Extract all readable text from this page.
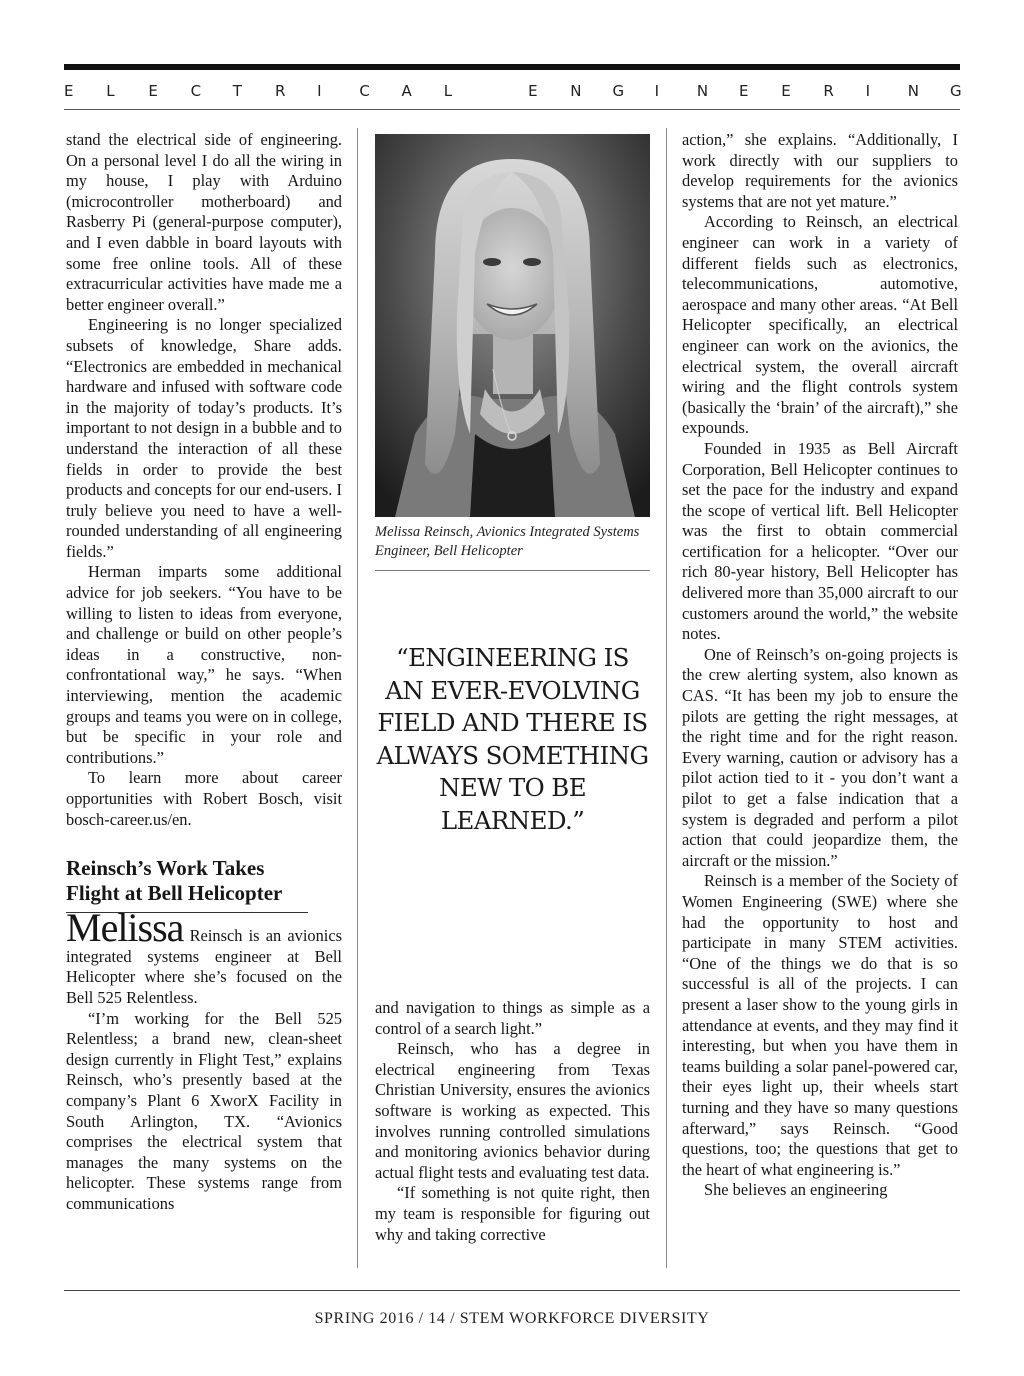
E L E C T R I	C A L	E N G I	N E E R I	N G

stand the electrical side of engineering. On a personal level I do all the wiring in my house, I play with Arduino (microcontroller motherboard) and Rasberry Pi (general-purpose computer), and I even dabble in board layouts with some free online tools. All of these extracurricular activities have made me a better engineer overall.”

Engineering is no longer specialized subsets of knowledge, Share adds. “Electronics are embedded in mechanical hardware and infused with software code in the majority of today’s products. It’s important to not design in a bubble and to understand the interaction of all these fields in order to provide the best products and concepts for our end-users. I truly believe you need to have a well-rounded understanding of all engineering fields.”

Herman imparts some additional advice for job seekers. “You have to be willing to listen to ideas from everyone, and challenge or build on other people’s ideas in a constructive, non-confrontational way,” he says. “When interviewing, mention the academic groups and teams you were on in college, but be specific in your role and contributions.”

To learn more about career opportunities with Robert Bosch, visit bosch-career.us/en.

Reinsch’s Work Takes Flight at Bell Helicopter

Melissa Reinsch is an avionics integrated systems engineer at Bell Helicopter where she’s focused on the Bell 525 Relentless.

“I’m working for the Bell 525 Relentless; a brand new, clean-sheet design currently in Flight Test,” explains Reinsch, who’s presently based at the company’s Plant 6 XworX Facility in South Arlington, TX. “Avionics comprises the electrical system that manages the many systems on the helicopter. These systems range from communications

Melissa Reinsch, Avionics Integrated Systems Engineer, Bell Helicopter
“ENGINEERING IS AN EVER-EVOLVING FIELD AND THERE IS ALWAYS SOMETHING NEW TO BE LEARNED.”

and navigation to things as simple as a control of a search light.”

Reinsch, who has a degree in electrical engineering from Texas Christian University, ensures the avionics software is working as expected. This involves running controlled simulations and monitoring avionics behavior during actual flight tests and evaluating test data.

“If something is not quite right, then my team is responsible for figuring out why and taking corrective

action,” she explains. “Additionally, I work directly with our suppliers to develop requirements for the avionics systems that are not yet mature.”

According to Reinsch, an electrical engineer can work in a variety of different fields such as electronics, telecommunications, automotive, aerospace and many other areas. “At Bell Helicopter specifically, an electrical engineer can work on the avionics, the electrical system, the overall aircraft wiring and the flight controls system (basically the ‘brain’ of the aircraft),” she expounds.

Founded in 1935 as Bell Aircraft Corporation, Bell Helicopter continues to set the pace for the industry and expand the scope of vertical lift. Bell Helicopter was the first to obtain commercial certification for a helicopter. “Over our rich 80-year history, Bell Helicopter has delivered more than 35,000 aircraft to our customers around the world,” the website notes.

One of Reinsch’s on-going projects is the crew alerting system, also known as CAS. “It has been my job to ensure the pilots are getting the right messages, at the right time and for the right reason. Every warning, caution or advisory has a pilot action tied to it - you don’t want a pilot to get a false indication that a system is degraded and perform a pilot action that could jeopardize them, the aircraft or the mission.”

Reinsch is a member of the Society of Women Engineering (SWE) where she had the opportunity to host and participate in many STEM activities. “One of the things we do that is so successful is all of the projects. I can present a laser show to the young girls in attendance at events, and they may find it interesting, but when you have them in teams building a solar panel-powered car, their eyes light up, their wheels start turning and they have so many questions afterward,” says Reinsch. “Good questions, too; the questions that get to the heart of what engineering is.”

She believes an engineering

SPRING 2016 / 14 / STEM WORKFORCE DIVERSITY
